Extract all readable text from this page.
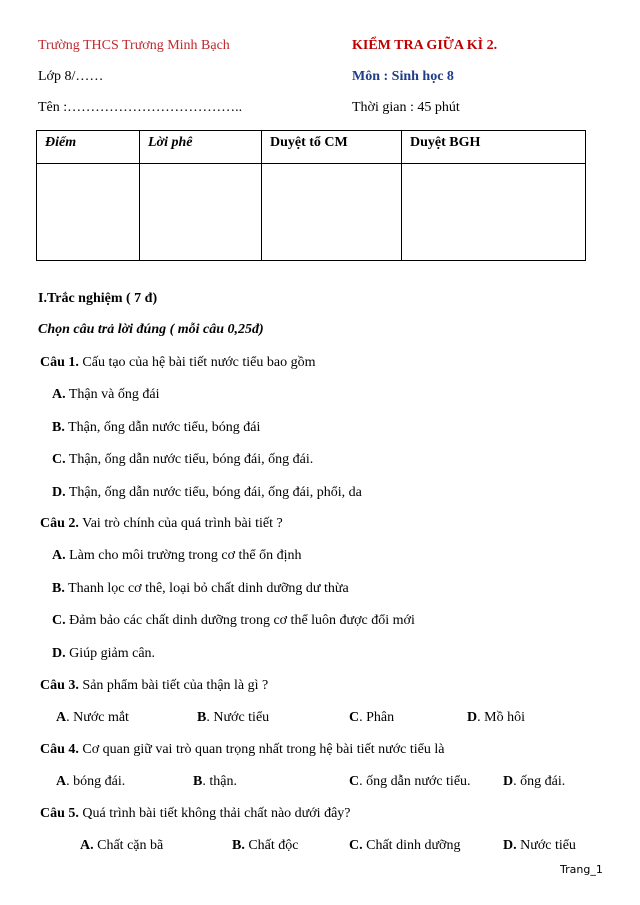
Trường THCS Trương Minh Bạch	KIỂM TRA GIỮA KÌ 2.
Lớp 8/……	Môn : Sinh học 8
Tên :………………………………..	Thời gian : 45 phút
Điểm	Lời phê	Duyệt tổ CM	Duyệt BGH

I.Trắc nghiệm ( 7 đ)
Chọn câu trả lời đúng ( mỗi câu 0,25đ)
Câu 1. Cấu tạo của hệ bài tiết nước tiểu bao gồm
A. Thận và ống đái
B. Thận, ống dẫn nước tiểu, bóng đái
C. Thận, ống dẫn nước tiểu, bóng đái, ống đái.
D. Thận, ống dẫn nước tiểu, bóng đái, ống đái, phổi, da
Câu 2. Vai trò chính của quá trình bài tiết ?
A. Làm cho môi trường trong cơ thể ổn định
B. Thanh lọc cơ thê, loại bỏ chất dinh dưỡng dư thừa
C. Đảm bảo các chất dinh dưỡng trong cơ thể luôn được đổi mới
D. Giúp giảm cân.
Câu 3. Sản phẩm bài tiết của thận là gì ?
A. Nước mắt	B. Nước tiểu	C. Phân	D. Mồ hôi
Câu 4. Cơ quan giữ vai trò quan trọng nhất trong hệ bài tiết nước tiểu là
A. bóng đái.	B. thận.	C. ống dẫn nước tiểu. D. ống đái.
Câu 5. Quá trình bài tiết không thải chất nào dưới đây?
A. Chất cặn bã	B. Chất độc	C. Chất dinh dưỡng	D. Nước tiểu
Trang_1
